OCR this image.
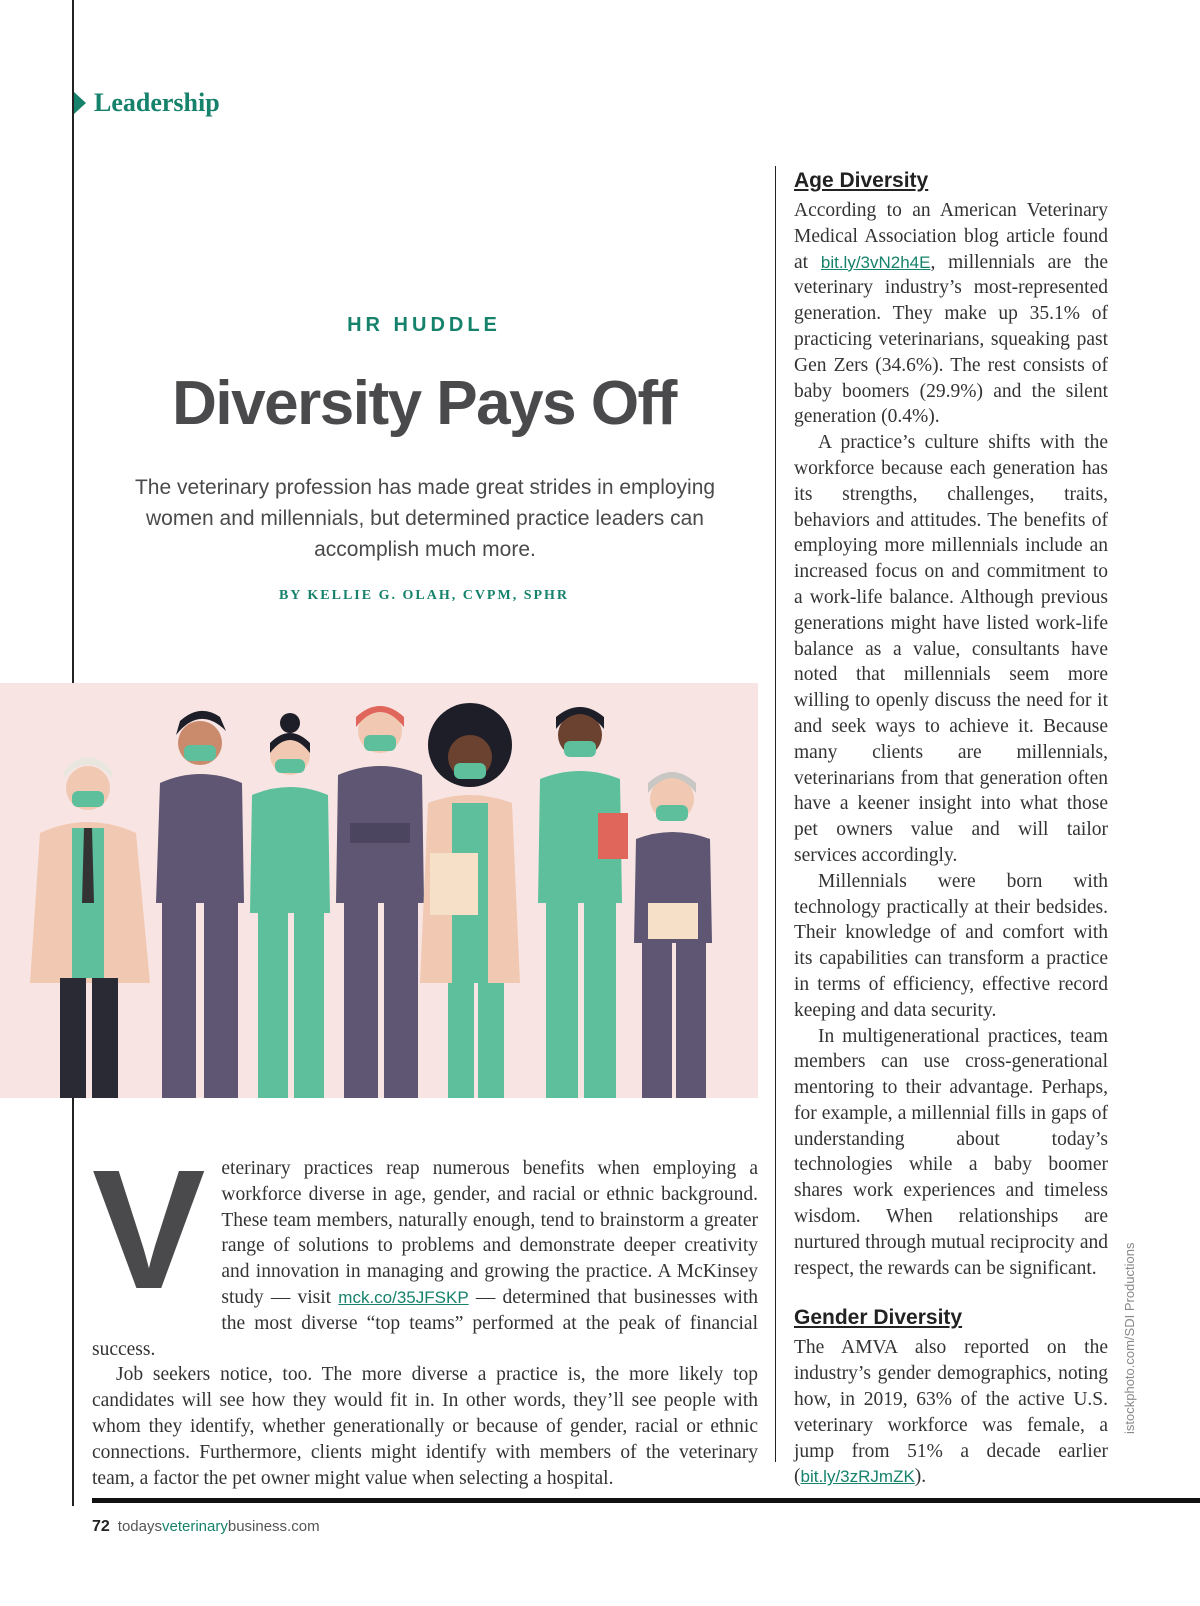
Leadership
HR HUDDLE
Diversity Pays Off
The veterinary profession has made great strides in employing women and millennials, but determined practice leaders can accomplish much more.
BY KELLIE G. OLAH, CVPM, SPHR
V eterinary practices reap numerous benefits when employing a workforce diverse in age, gender, and racial or ethnic background. These team members, naturally enough, tend to brainstorm a greater range of solutions to problems and demonstrate deeper creativity and innovation in managing and growing the practice. A McKinsey study — visit mck.co/35JFSKP — determined that businesses with the most diverse “top teams” performed at the peak of financial success.

Job seekers notice, too. The more diverse a practice is, the more likely top candidates will see how they would fit in. In other words, they’ll see people with whom they identify, whether generationally or because of gender, racial or ethnic connections. Furthermore, clients might identify with members of the veterinary team, a factor the pet owner might value when selecting a hospital.

Age Diversity

According to an American Veterinary Medical Association blog article found at bit.ly/3vN2h4E, millennials are the veterinary industry’s most-represented generation. They make up 35.1% of practicing veterinarians, squeaking past Gen Zers (34.6%). The rest consists of baby boomers (29.9%) and the silent generation (0.4%).

A practice’s culture shifts with the workforce because each generation has its strengths, challenges, traits, behaviors and attitudes. The benefits of employing more millennials include an increased focus on and commitment to a work-life balance. Although previous generations might have listed work-life balance as a value, consultants have noted that millennials seem more willing to openly discuss the need for it and seek ways to achieve it. Because many clients are millennials, veterinarians from that generation often have a keener insight into what those pet owners value and will tailor services accordingly.

Millennials were born with technology practically at their bedsides. Their knowledge of and comfort with its capabilities can transform a practice in terms of efficiency, effective record keeping and data security.

In multigenerational practices, team members can use cross-generational mentoring to their advantage. Perhaps, for example, a millennial fills in gaps of understanding about today’s technologies while a baby boomer shares work experiences and timeless wisdom. When relationships are nurtured through mutual reciprocity and respect, the rewards can be significant.

Gender Diversity

The AMVA also reported on the industry’s gender demographics, noting how, in 2019, 63% of the active U.S. veterinary workforce was female, a jump from 51% a decade earlier (bit.ly/3zRJmZK).

istockphoto.com/SDI Productions
72 todaysveterinarybusiness.com
